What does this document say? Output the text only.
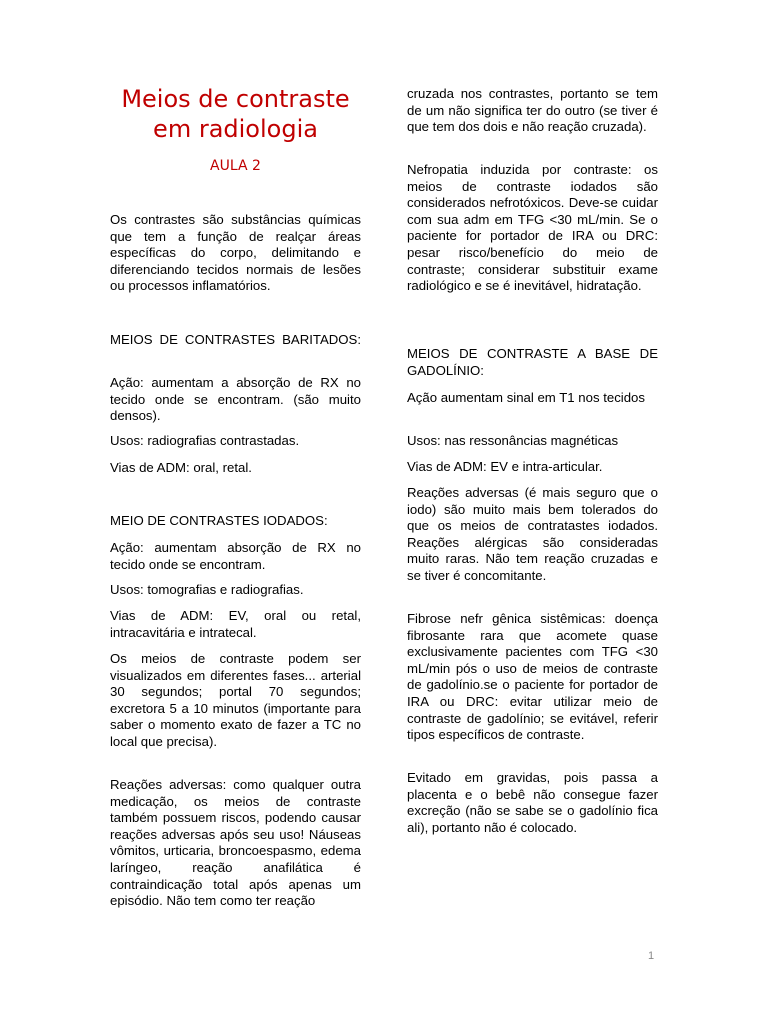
Meios de contraste em radiologia
AULA 2

Os contrastes são substâncias químicas que tem a função de realçar áreas específicas do corpo, delimitando e diferenciando tecidos normais de lesões ou processos inflamatórios.

MEIOS DE CONTRASTES BARITADOS:

Ação: aumentam a absorção de RX no tecido onde se encontram. (são muito densos).

Usos: radiografias contrastadas.

Vias de ADM: oral, retal.

MEIO DE CONTRASTES IODADOS:

Ação: aumentam absorção de RX no tecido onde se encontram.

Usos: tomografias e radiografias.

Vias de ADM: EV, oral ou retal, intracavitária e intratecal.

Os meios de contraste podem ser visualizados em diferentes fases... arterial 30 segundos; portal 70 segundos; excretora 5 a 10 minutos (importante para saber o momento exato de fazer a TC no local que precisa).

Reações adversas: como qualquer outra medicação, os meios de contraste também possuem riscos, podendo causar reações adversas após seu uso! Náuseas vômitos, urticaria, broncoespasmo, edema laríngeo, reação anafilática é contraindicação total após apenas um episódio. Não tem como ter reação

cruzada nos contrastes, portanto se tem de um não significa ter do outro (se tiver é que tem dos dois e não reação cruzada).

Nefropatia induzida por contraste: os meios de contraste iodados são considerados nefrotóxicos. Deve-se cuidar com sua adm em TFG <30 mL/min. Se o paciente for portador de IRA ou DRC: pesar risco/benefício do meio de contraste; considerar substituir exame radiológico e se é inevitável, hidratação.

MEIOS DE CONTRASTE A BASE DE GADOLÍNIO:

Ação aumentam sinal em T1 nos tecidos

Usos: nas ressonâncias magnéticas

Vias de ADM: EV e intra-articular.

Reações adversas (é mais seguro que o iodo) são muito mais bem tolerados do que os meios de contratastes iodados. Reações alérgicas são consideradas muito raras. Não tem reação cruzadas e se tiver é concomitante.

Fibrose nefr gênica sistêmicas: doença fibrosante rara que acomete quase exclusivamente pacientes com TFG <30 mL/min pós o uso de meios de contraste de gadolínio.se o paciente for portador de IRA ou DRC: evitar utilizar meio de contraste de gadolínio; se evitável, referir tipos específicos de contraste.

Evitado em gravidas, pois passa a placenta e o bebê não consegue fazer excreção (não se sabe se o gadolínio fica ali), portanto não é colocado.

1
